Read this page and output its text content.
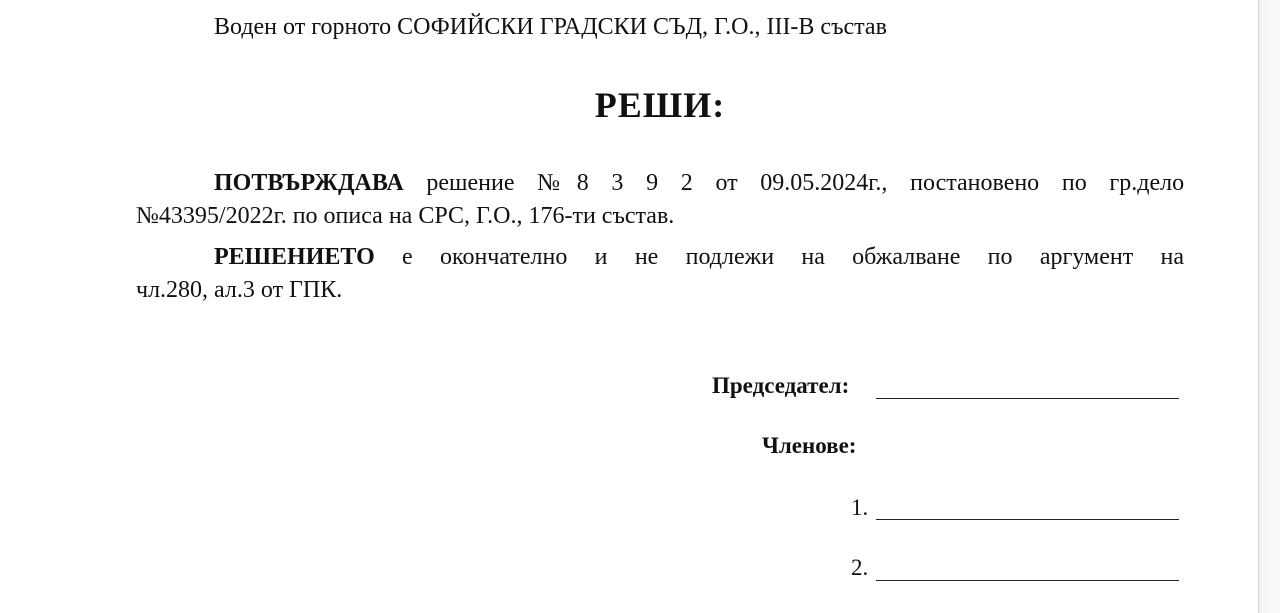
Воден от горното СОФИЙСКИ ГРАДСКИ СЪД, Г.О., III-В състав
РЕШИ:
ПОТВЪРЖДАВА решение №8 3 9 2 от 09.05.2024г., постановено по гр.дело
№43395/2022г. по описа на СРС, Г.О., 176-ти състав.
РЕШЕНИЕТО е окончателно и не подлежи на обжалване по аргумент на
чл.280, ал.3 от ГПК.
Председател:
Членове:
1.
2.
